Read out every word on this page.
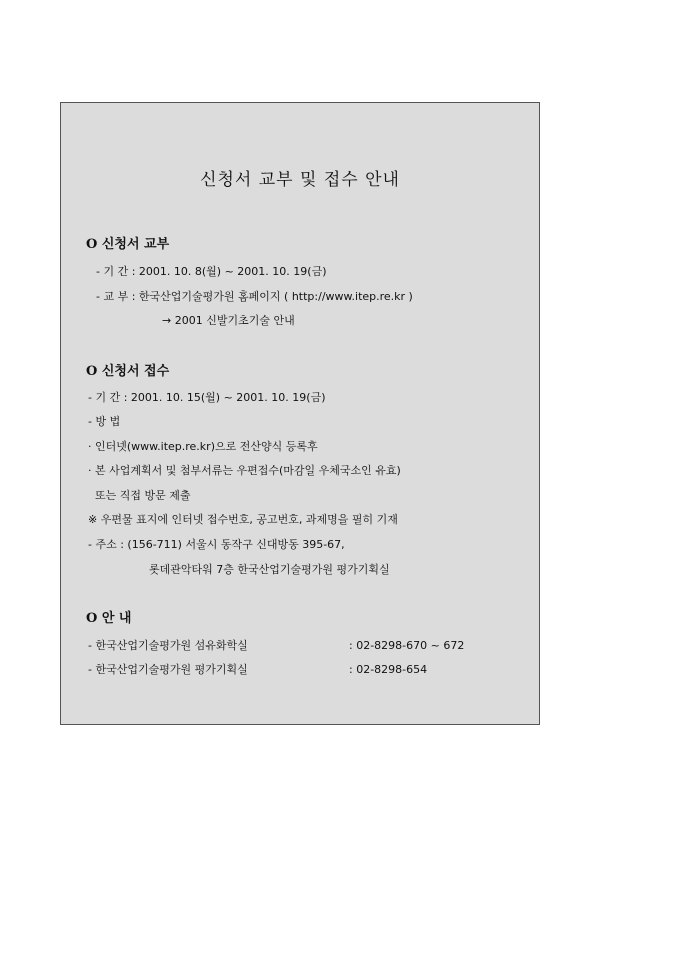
신청서 교부 및 접수 안내
O 신청서 교부
- 기 간 : 2001. 10. 8(월) ~ 2001. 10. 19(금)
- 교 부 : 한국산업기술평가원 홈페이지 ( http://www.itep.re.kr )
→ 2001 신발기초기술 안내
O 신청서 접수
- 기 간 : 2001. 10. 15(월) ~ 2001. 10. 19(금)
- 방 법
· 인터넷(www.itep.re.kr)으로 전산양식 등록후
· 본 사업계획서 및 첨부서류는 우편접수(마감일 우체국소인 유효)
또는 직접 방문 제출
※ 우편물 표지에 인터넷 접수번호, 공고번호, 과제명을 필히 기재
- 주소 : (156-711) 서울시 동작구 신대방동 395-67,
롯데관악타워 7층 한국산업기술평가원 평가기획실
O 안 내
- 한국산업기술평가원 섬유화학실	: 02-8298-670 ~ 672
- 한국산업기술평가원 평가기획실	: 02-8298-654
